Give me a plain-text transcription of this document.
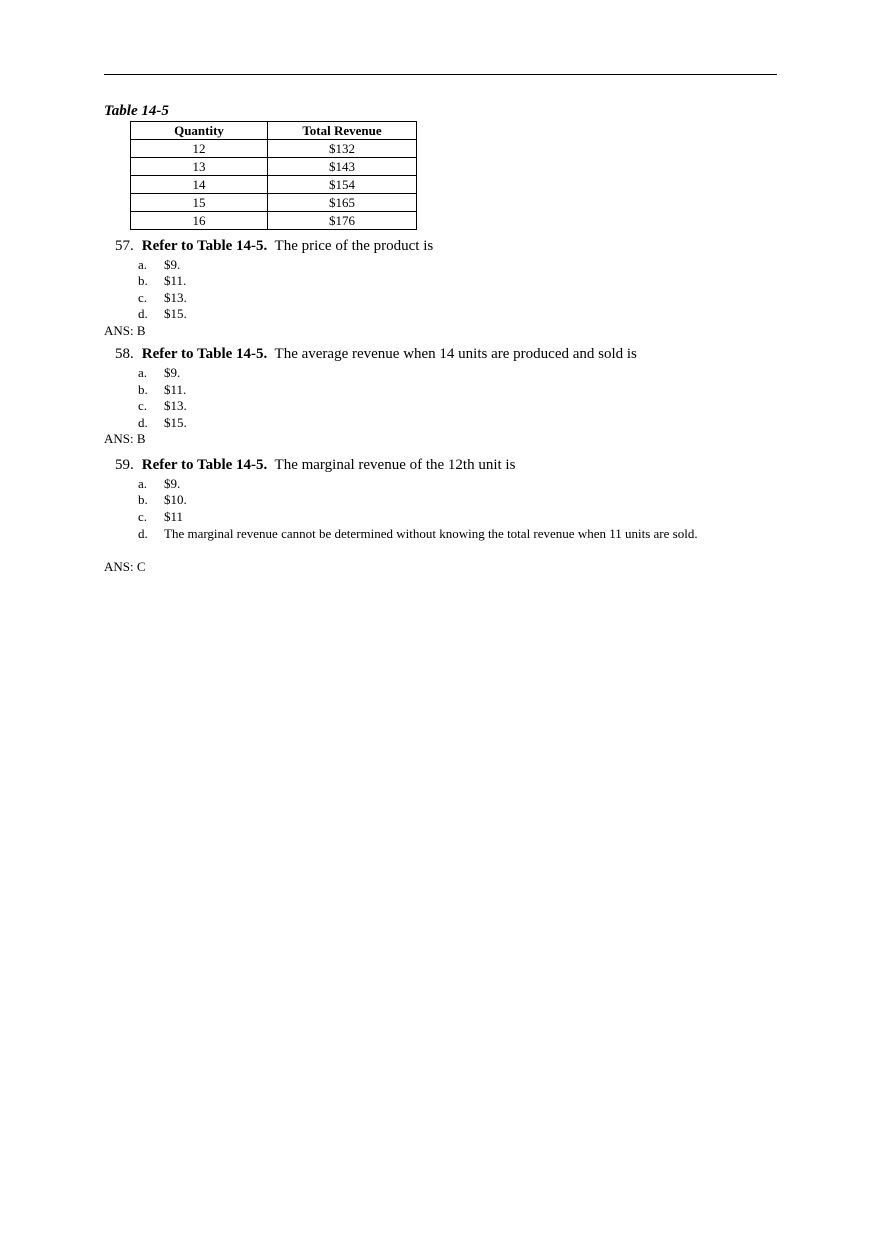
Table 14-5
Quantity	Total Revenue
12	$132
13	$143
14	$154
15	$165
16	$176
57. Refer to Table 14-5. The price of the product is
a. $9.
b. $11.
c. $13.
d. $15.
ANS: B
58. Refer to Table 14-5. The average revenue when 14 units are produced and sold is
a. $9.
b. $11.
c. $13.
d. $15.
ANS: B
59. Refer to Table 14-5. The marginal revenue of the 12th unit is
a. $9.
b. $10.
c. $11
d.	The marginal revenue cannot be determined without knowing the total revenue when 11 units are sold.
ANS: C
